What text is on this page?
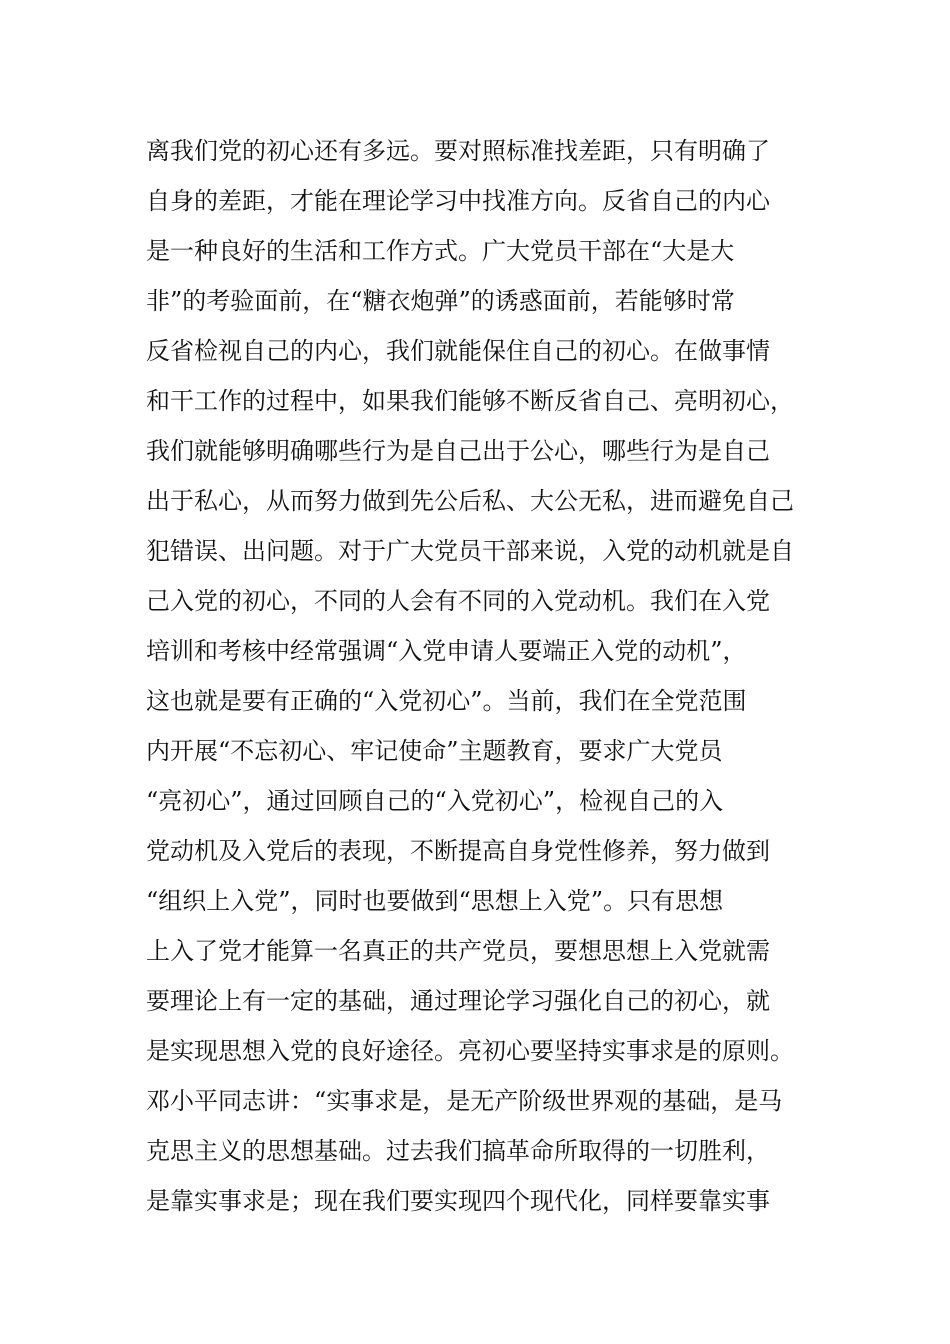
离我们党的初心还有多远。要对照标准找差距，只有明确了
自身的差距，才能在理论学习中找准方向。反省自己的内心
是一种良好的生活和工作方式。广大党员干部在“大是大
非”的考验面前，在“糖衣炮弹”的诱惑面前，若能够时常
反省检视自己的内心，我们就能保住自己的初心。在做事情
和干工作的过程中，如果我们能够不断反省自己、亮明初心，
我们就能够明确哪些行为是自己出于公心，哪些行为是自己
出于私心，从而努力做到先公后私、大公无私，进而避免自己
犯错误、出问题。对于广大党员干部来说，入党的动机就是自
己入党的初心，不同的人会有不同的入党动机。我们在入党
培训和考核中经常强调“入党申请人要端正入党的动机”，
这也就是要有正确的“入党初心”。当前，我们在全党范围
内开展“不忘初心、牢记使命”主题教育，要求广大党员
“亮初心”，通过回顾自己的“入党初心”，检视自己的入
党动机及入党后的表现，不断提高自身党性修养，努力做到
“组织上入党”，同时也要做到“思想上入党”。只有思想
上入了党才能算一名真正的共产党员，要想思想上入党就需
要理论上有一定的基础，通过理论学习强化自己的初心，就
是实现思想入党的良好途径。亮初心要坚持实事求是的原则。
邓小平同志讲：“实事求是，是无产阶级世界观的基础，是马
克思主义的思想基础。过去我们搞革命所取得的一切胜利，
是靠实事求是；现在我们要实现四个现代化，同样要靠实事
